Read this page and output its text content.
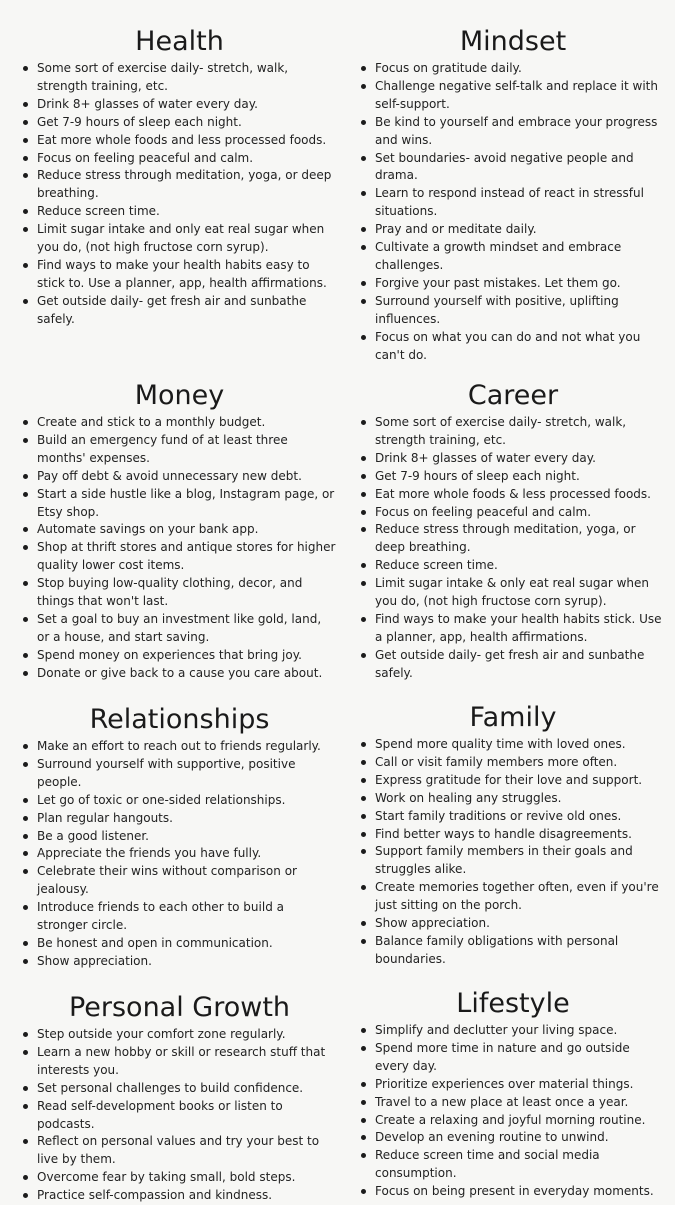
Health
Some sort of exercise daily- stretch, walk, strength training, etc.
Drink 8+ glasses of water every day.
Get 7-9 hours of sleep each night.
Eat more whole foods and less processed foods.
Focus on feeling peaceful and calm.
Reduce stress through meditation, yoga, or deep breathing.
Reduce screen time.
Limit sugar intake and only eat real sugar when you do, (not high fructose corn syrup).
Find ways to make your health habits easy to stick to. Use a planner, app, health affirmations.
Get outside daily- get fresh air and sunbathe safely.
Mindset
Focus on gratitude daily.
Challenge negative self-talk and replace it with self-support.
Be kind to yourself and embrace your progress and wins.
Set boundaries- avoid negative people and drama.
Learn to respond instead of react in stressful situations.
Pray and or meditate daily.
Cultivate a growth mindset and embrace challenges.
Forgive your past mistakes. Let them go.
Surround yourself with positive, uplifting influences.
Focus on what you can do and not what you can't do.
Money
Create and stick to a monthly budget.
Build an emergency fund of at least three months' expenses.
Pay off debt & avoid unnecessary new debt.
Start a side hustle like a blog, Instagram page, or Etsy shop.
Automate savings on your bank app.
Shop at thrift stores and antique stores for higher quality lower cost items.
Stop buying low-quality clothing, decor, and things that won't last.
Set a goal to buy an investment like gold, land, or a house, and start saving.
Spend money on experiences that bring joy.
Donate or give back to a cause you care about.
Career
Some sort of exercise daily- stretch, walk, strength training, etc.
Drink 8+ glasses of water every day.
Get 7-9 hours of sleep each night.
Eat more whole foods & less processed foods.
Focus on feeling peaceful and calm.
Reduce stress through meditation, yoga, or deep breathing.
Reduce screen time.
Limit sugar intake & only eat real sugar when you do, (not high fructose corn syrup).
Find ways to make your health habits stick. Use a planner, app, health affirmations.
Get outside daily- get fresh air and sunbathe safely.
Relationships
Make an effort to reach out to friends regularly.
Surround yourself with supportive, positive people.
Let go of toxic or one-sided relationships.
Plan regular hangouts.
Be a good listener.
Appreciate the friends you have fully.
Celebrate their wins without comparison or jealousy.
Introduce friends to each other to build a stronger circle.
Be honest and open in communication.
Show appreciation.
Family
Spend more quality time with loved ones.
Call or visit family members more often.
Express gratitude for their love and support.
Work on healing any struggles.
Start family traditions or revive old ones.
Find better ways to handle disagreements.
Support family members in their goals and struggles alike.
Create memories together often, even if you're just sitting on the porch.
Show appreciation.
Balance family obligations with personal boundaries.
Personal Growth
Step outside your comfort zone regularly.
Learn a new hobby or skill or research stuff that interests you.
Set personal challenges to build confidence.
Read self-development books or listen to podcasts.
Reflect on personal values and try your best to live by them.
Overcome fear by taking small, bold steps.
Practice self-compassion and kindness.
Lifestyle
Simplify and declutter your living space.
Spend more time in nature and go outside every day.
Prioritize experiences over material things.
Travel to a new place at least once a year.
Create a relaxing and joyful morning routine.
Develop an evening routine to unwind.
Reduce screen time and social media consumption.
Focus on being present in everyday moments.
